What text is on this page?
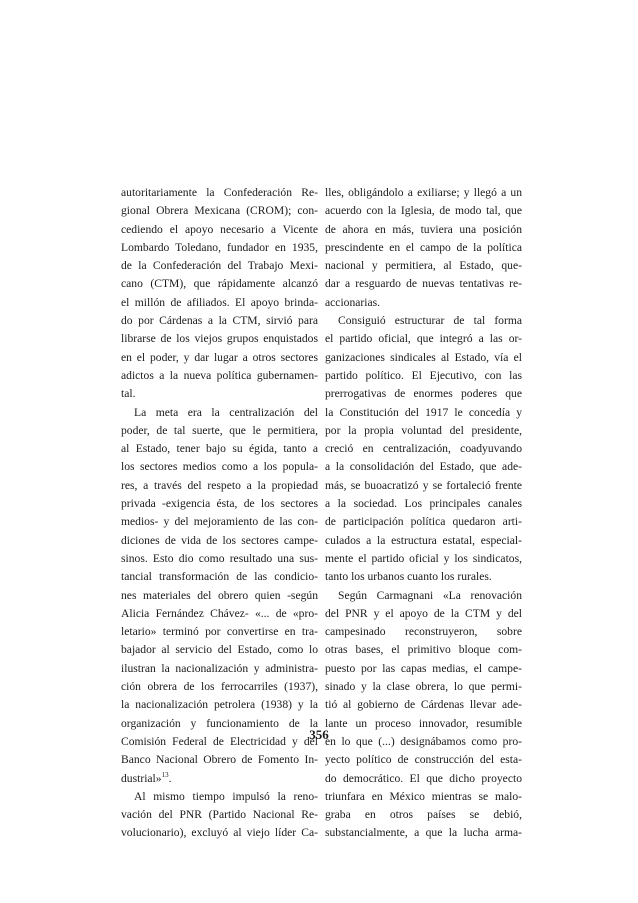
autoritariamente la Confederación Re-
gional Obrera Mexicana (CROM); con-
cediendo el apoyo necesario a Vicente
Lombardo Toledano, fundador en 1935,
de la Confederación del Trabajo Mexi-
cano (CTM), que rápidamente alcanzó
el millón de afiliados. El apoyo brinda-
do por Cárdenas a la CTM, sirvió para
librarse de los viejos grupos enquistados
en el poder, y dar lugar a otros sectores
adictos a la nueva política gubernamen-
tal.
La meta era la centralización del
poder, de tal suerte, que le permitiera,
al Estado, tener bajo su égida, tanto a
los sectores medios como a los popula-
res, a través del respeto a la propiedad
privada -exigencia ésta, de los sectores
medios- y del mejoramiento de las con-
diciones de vida de los sectores campe-
sinos. Esto dio como resultado una sus-
tancial transformación de las condicio-
nes materiales del obrero quien -según
Alicia Fernández Chávez- «... de «pro-
letario» terminó por convertirse en tra-
bajador al servicio del Estado, como lo
ilustran la nacionalización y administra-
ción obrera de los ferrocarriles (1937),
la nacionalización petrolera (1938) y la
organización y funcionamiento de la
Comisión Federal de Electricidad y del
Banco Nacional Obrero de Fomento In-
dustrial»$^{13}$.
Al mismo tiempo impulsó la reno-
vación del PNR (Partido Nacional Re-
volucionario), excluyó al viejo líder Ca-
lles, obligándolo a exiliarse; y llegó a un
acuerdo con la Iglesia, de modo tal, que
de ahora en más, tuviera una posición
prescindente en el campo de la política
nacional y permitiera, al Estado, que-
dar a resguardo de nuevas tentativas re-
accionarias.
Consiguió estructurar de tal forma
el partido oficial, que integró a las or-
ganizaciones sindicales al Estado, vía el
partido político. El Ejecutivo, con las
prerrogativas de enormes poderes que
la Constitución del 1917 le concedía y
por la propia voluntad del presidente,
creció en centralización, coadyuvando
a la consolidación del Estado, que ade-
más, se buoacratizó y se fortaleció frente
a la sociedad. Los principales canales
de participación política quedaron arti-
culados a la estructura estatal, especial-
mente el partido oficial y los sindicatos,
tanto los urbanos cuanto los rurales.
Según Carmagnani «La renovación
del PNR y el apoyo de la CTM y del
campesinado reconstruyeron, sobre
otras bases, el primitivo bloque com-
puesto por las capas medias, el campe-
sinado y la clase obrera, lo que permi-
tió al gobierno de Cárdenas llevar ade-
lante un proceso innovador, resumible
en lo que (...) designábamos como pro-
yecto político de construcción del esta-
do democrático. El que dicho proyecto
triunfara en México mientras se malo-
graba en otros países se debió,
substancialmente, a que la lucha arma-
356
